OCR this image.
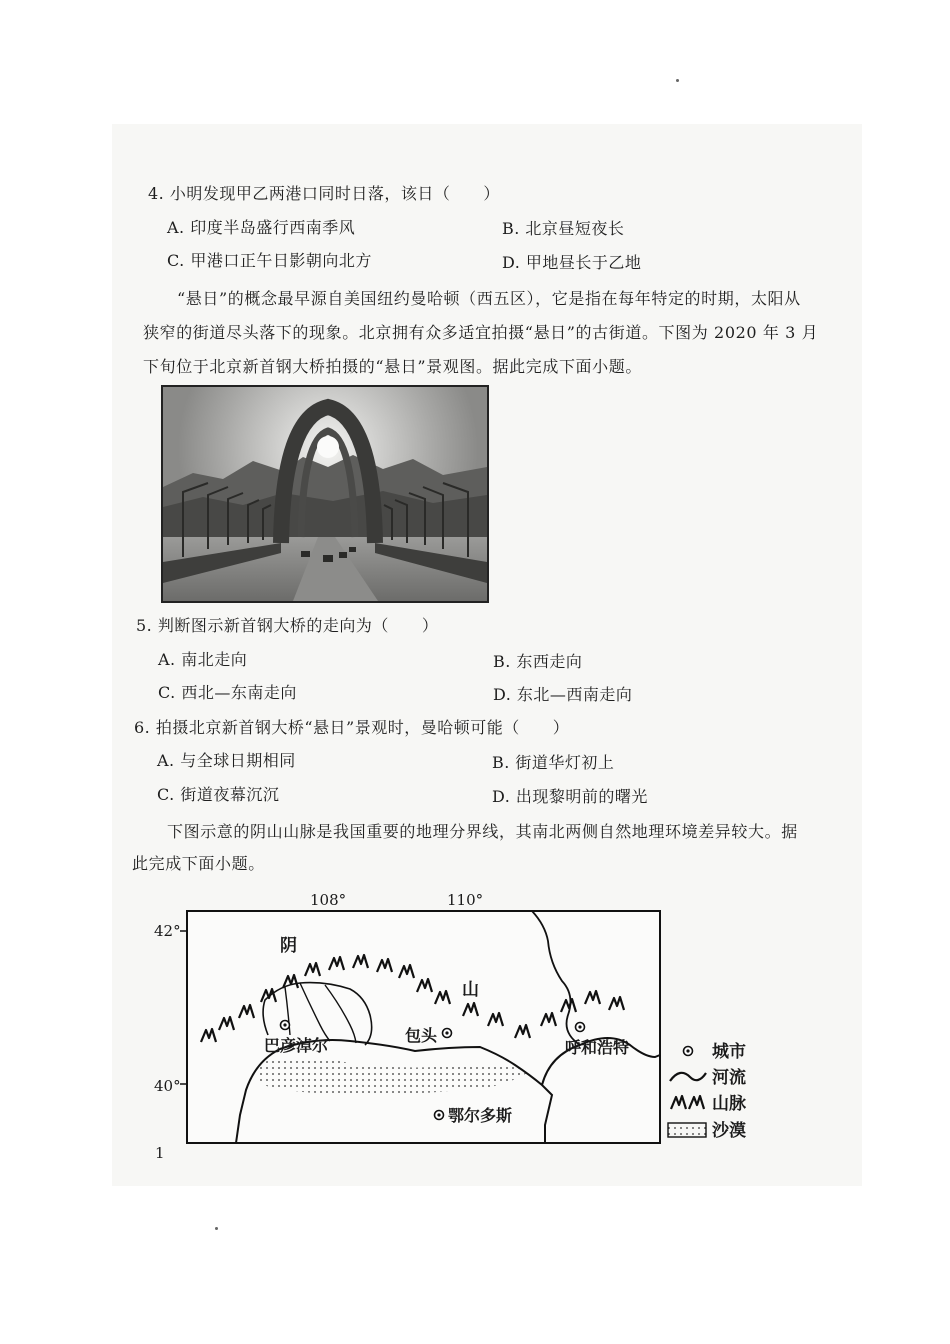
4. 小明发现甲乙两港口同时日落，该日（　　）
A. 印度半岛盛行西南季风	B. 北京昼短夜长
C. 甲港口正午日影朝向北方	D. 甲地昼长于乙地
“悬日”的概念最早源自美国纽约曼哈顿（西五区），它是指在每年特定的时期，太阳从
狭窄的街道尽头落下的现象。北京拥有众多适宜拍摄“悬日”的古街道。下图为 2020 年 3 月
下旬位于北京新首钢大桥拍摄的“悬日”景观图。据此完成下面小题。
5. 判断图示新首钢大桥的走向为（　　）
A. 南北走向	B. 东西走向
C. 西北—东南走向	D. 东北—西南走向
6. 拍摄北京新首钢大桥“悬日”景观时，曼哈顿可能（　　）
A. 与全球日期相同	B. 街道华灯初上
C. 街道夜幕沉沉	D. 出现黎明前的曙光
下图示意的阴山山脉是我国重要的地理分界线，其南北两侧自然地理环境差异较大。据
此完成下面小题。
108°	110°
42°
40°
阴
山
巴彦淖尔
包头
呼和浩特
鄂尔多斯
城市
河流
山脉
沙漠
1
